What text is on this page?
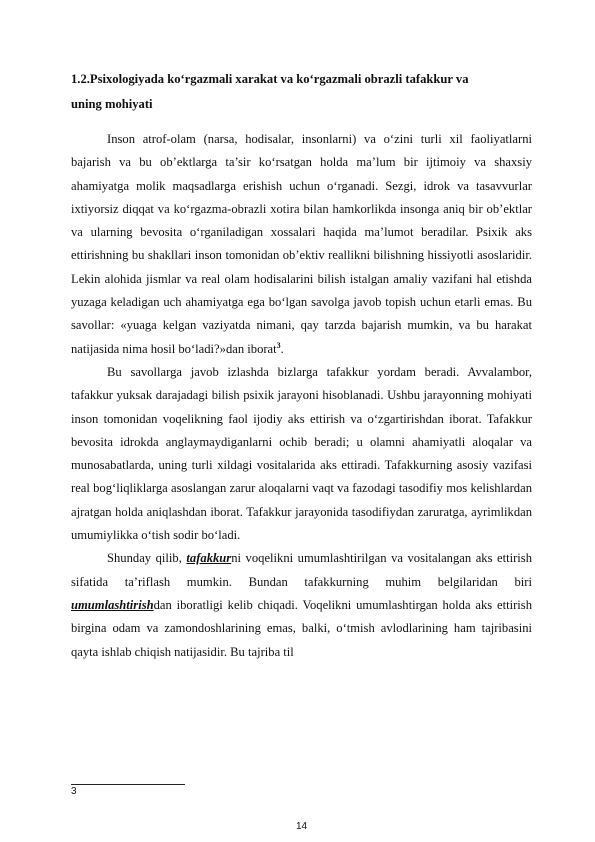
1.2.Psixologiyada ko‘rgazmali xarakat va ko‘rgazmali obrazli tafakkur va
uning mohiyati

Inson atrof-olam (narsa, hodisalar, insonlarni) va o‘zini turli xil faoliyatlarni bajarish va bu ob’ektlarga ta’sir ko‘rsatgan holda ma’lum bir ijtimoiy va shaxsiy ahamiyatga molik maqsadlarga erishish uchun o‘rganadi. Sezgi, idrok va tasavvurlar ixtiyorsiz diqqat va ko‘rgazma-obrazli xotira bilan hamkorlikda insonga aniq bir ob’ektlar va ularning bevosita o‘rganiladigan xossalari haqida ma’lumot beradilar. Psixik aks ettirishning bu shakllari inson tomonidan ob’ektiv reallikni bilishning hissiyotli asoslaridir. Lekin alohida jismlar va real olam hodisalarini bilish istalgan amaliy vazifani hal etishda yuzaga keladigan uch ahamiyatga ega bo‘lgan savolga javob topish uchun etarli emas. Bu savollar: «yuaga kelgan vaziyatda nimani, qay tarzda bajarish mumkin, va bu harakat natijasida nima hosil bo‘ladi?»dan iborat$^3$.

Bu savollarga javob izlashda bizlarga tafakkur yordam beradi. Avvalambor, tafakkur yuksak darajadagi bilish psixik jarayoni hisoblanadi. Ushbu jarayonning mohiyati inson tomonidan voqelikning faol ijodiy aks ettirish va o‘zgartirishdan iborat. Tafakkur bevosita idrokda anglaymaydiganlarni ochib beradi; u olamni ahamiyatli aloqalar va munosabatlarda, uning turli xildagi vositalarida aks ettiradi. Tafakkurning asosiy vazifasi real bog‘liqliklarga asoslangan zarur aloqalarni vaqt va fazodagi tasodifiy mos kelishlardan ajratgan holda aniqlashdan iborat. Tafakkur jarayonida tasodifiydan zaruratga, ayrimlikdan umumiylikka o‘tish sodir bo‘ladi.

Shunday qilib, tafakkurni voqelikni umumlashtirilgan va vositalangan aks ettirish sifatida ta’riflash mumkin. Bundan tafakkurning muhim belgilaridan biri umumlashtirishdan iboratligi kelib chiqadi. Voqelikni umumlashtirgan holda aks ettirish birgina odam va zamondoshlarining emas, balki, o‘tmish avlodlarining ham tajribasini qayta ishlab chiqish natijasidir. Bu tajriba til

3
14
